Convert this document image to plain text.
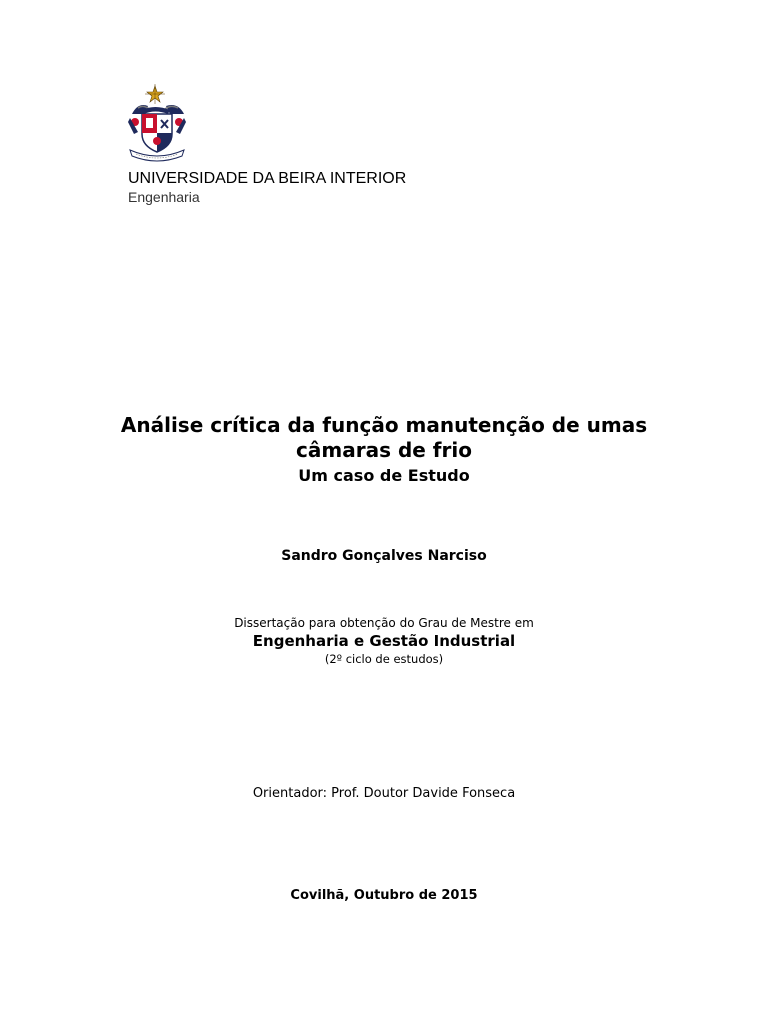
UNIVERSIDADE DA BEIRA INTERIOR
Engenharia
Análise crítica da função manutenção de umas
câmaras de frio
Um caso de Estudo
Sandro Gonçalves Narciso
Dissertação para obtenção do Grau de Mestre em
Engenharia e Gestão Industrial
(2º ciclo de estudos)
Orientador: Prof. Doutor Davide Fonseca
Covilhã, Outubro de 2015
